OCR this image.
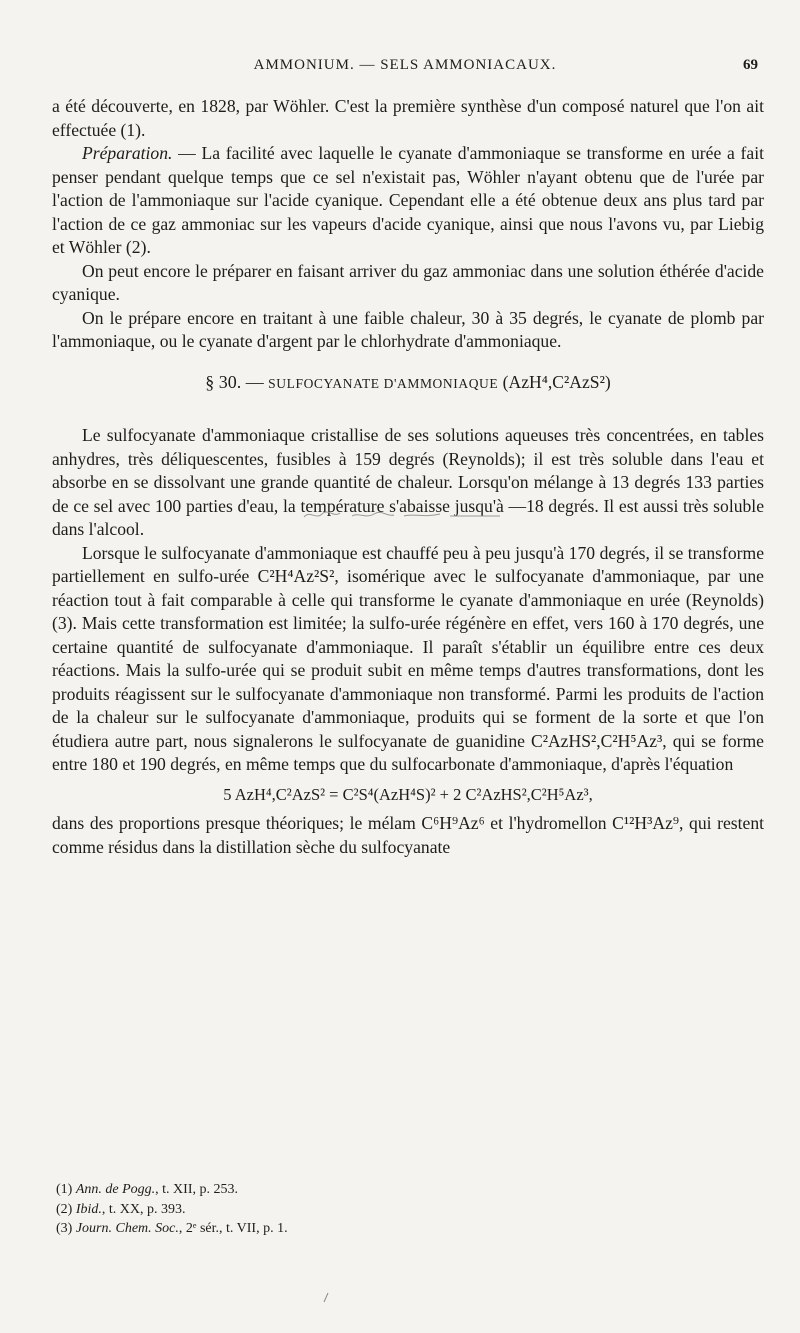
AMMONIUM. — SELS AMMONIACAUX.	69

a été découverte, en 1828, par Wöhler. C'est la première synthèse d'un composé naturel que l'on ait effectuée (1).

Préparation. — La facilité avec laquelle le cyanate d'ammoniaque se transforme en urée a fait penser pendant quelque temps que ce sel n'existait pas, Wöhler n'ayant obtenu que de l'urée par l'action de l'ammoniaque sur l'acide cyanique. Cependant elle a été obtenue deux ans plus tard par l'action de ce gaz ammoniac sur les vapeurs d'acide cyanique, ainsi que nous l'avons vu, par Liebig et Wöhler (2).

On peut encore le préparer en faisant arriver du gaz ammoniac dans une solution éthérée d'acide cyanique.

On le prépare encore en traitant à une faible chaleur, 30 à 35 degrés, le cyanate de plomb par l'ammoniaque, ou le cyanate d'argent par le chlorhydrate d'ammoniaque.

§ 30. — SULFOCYANATE D'AMMONIAQUE (AzH⁴,C²AzS²)

Le sulfocyanate d'ammoniaque cristallise de ses solutions aqueuses très concentrées, en tables anhydres, très déliquescentes, fusibles à 159 degrés (Reynolds); il est très soluble dans l'eau et absorbe en se dissolvant une grande quantité de chaleur. Lorsqu'on mélange à 13 degrés 133 parties de ce sel avec 100 parties d'eau, la température s'abaisse jusqu'à —18 degrés. Il est aussi très soluble dans l'alcool.

Lorsque le sulfocyanate d'ammoniaque est chauffé peu à peu jusqu'à 170 degrés, il se transforme partiellement en sulfo-urée C²H⁴Az²S², isomérique avec le sulfocyanate d'ammoniaque, par une réaction tout à fait comparable à celle qui transforme le cyanate d'ammoniaque en urée (Reynolds) (3). Mais cette transformation est limitée; la sulfo-urée régénère en effet, vers 160 à 170 degrés, une certaine quantité de sulfocyanate d'ammoniaque. Il paraît s'établir un équilibre entre ces deux réactions. Mais la sulfo-urée qui se produit subit en même temps d'autres transformations, dont les produits réagissent sur le sulfocyanate d'ammoniaque non transformé. Parmi les produits de l'action de la chaleur sur le sulfocyanate d'ammoniaque, produits qui se forment de la sorte et que l'on étudiera autre part, nous signalerons le sulfocyanate de guanidine C²AzHS²,C²H⁵Az³, qui se forme entre 180 et 190 degrés, en même temps que du sulfocarbonate d'ammoniaque, d'après l'équation

5 AzH⁴,C²AzS² = C²S⁴(AzH⁴S)² + 2 C²AzHS²,C²H⁵Az³,

dans des proportions presque théoriques; le mélam C⁶H⁹Az⁶ et l'hydromellon C¹²H³Az⁹, qui restent comme résidus dans la distillation sèche du sulfocyanate

(1) Ann. de Pogg., t. XII, p. 253.
(2) Ibid., t. XX, p. 393.
(3) Journ. Chem. Soc., 2ᵉ sér., t. VII, p. 1.
